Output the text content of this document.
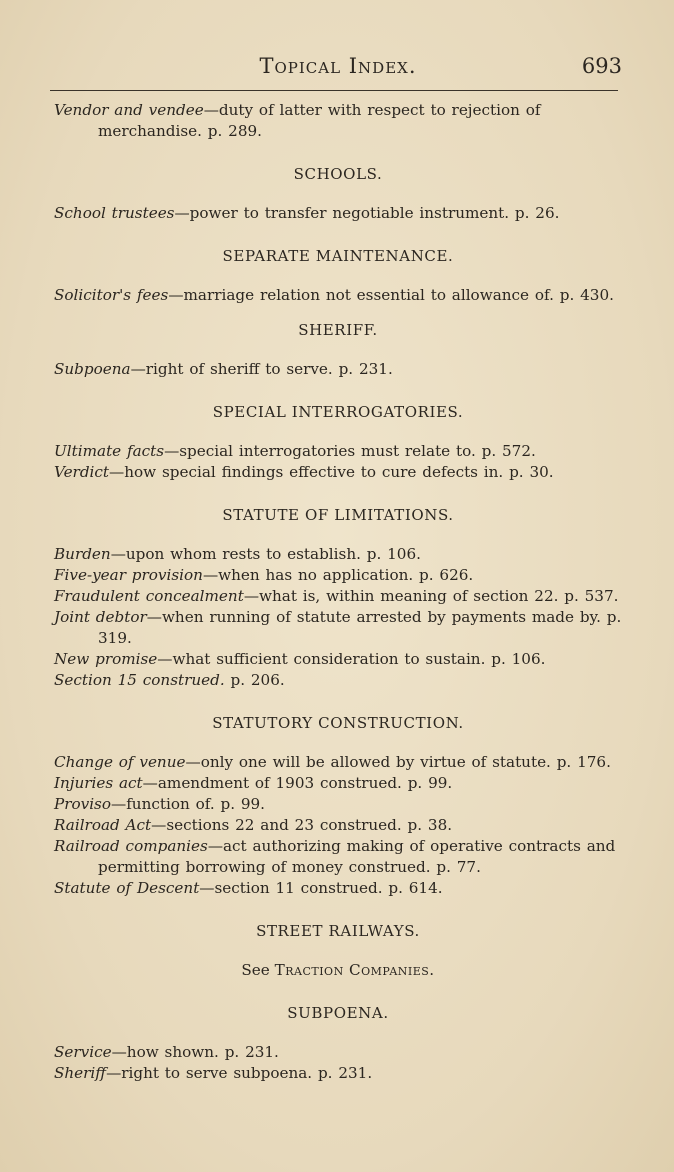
Topical Index.	693

Vendor and vendee—duty of latter with respect to rejection of merchandise. p. 289.

SCHOOLS.

School trustees—power to transfer negotiable instrument. p. 26.

SEPARATE MAINTENANCE.

Solicitor's fees—marriage relation not essential to allowance of. p. 430.

SHERIFF.

Subpoena—right of sheriff to serve. p. 231.

SPECIAL INTERROGATORIES.

Ultimate facts—special interrogatories must relate to. p. 572.

Verdict—how special findings effective to cure defects in. p. 30.

STATUTE OF LIMITATIONS.

Burden—upon whom rests to establish. p. 106.

Five-year provision—when has no application. p. 626.

Fraudulent concealment—what is, within meaning of section 22. p. 537.

Joint debtor—when running of statute arrested by payments made by. p. 319.

New promise—what sufficient consideration to sustain. p. 106.

Section 15 construed. p. 206.

STATUTORY CONSTRUCTION.

Change of venue—only one will be allowed by virtue of statute. p. 176.

Injuries act—amendment of 1903 construed. p. 99.

Proviso—function of. p. 99.

Railroad Act—sections 22 and 23 construed. p. 38.

Railroad companies—act authorizing making of operative contracts and permitting borrowing of money construed. p. 77.

Statute of Descent—section 11 construed. p. 614.

STREET RAILWAYS.

See Traction Companies.

SUBPOENA.

Service—how shown. p. 231.

Sheriff—right to serve subpoena. p. 231.
